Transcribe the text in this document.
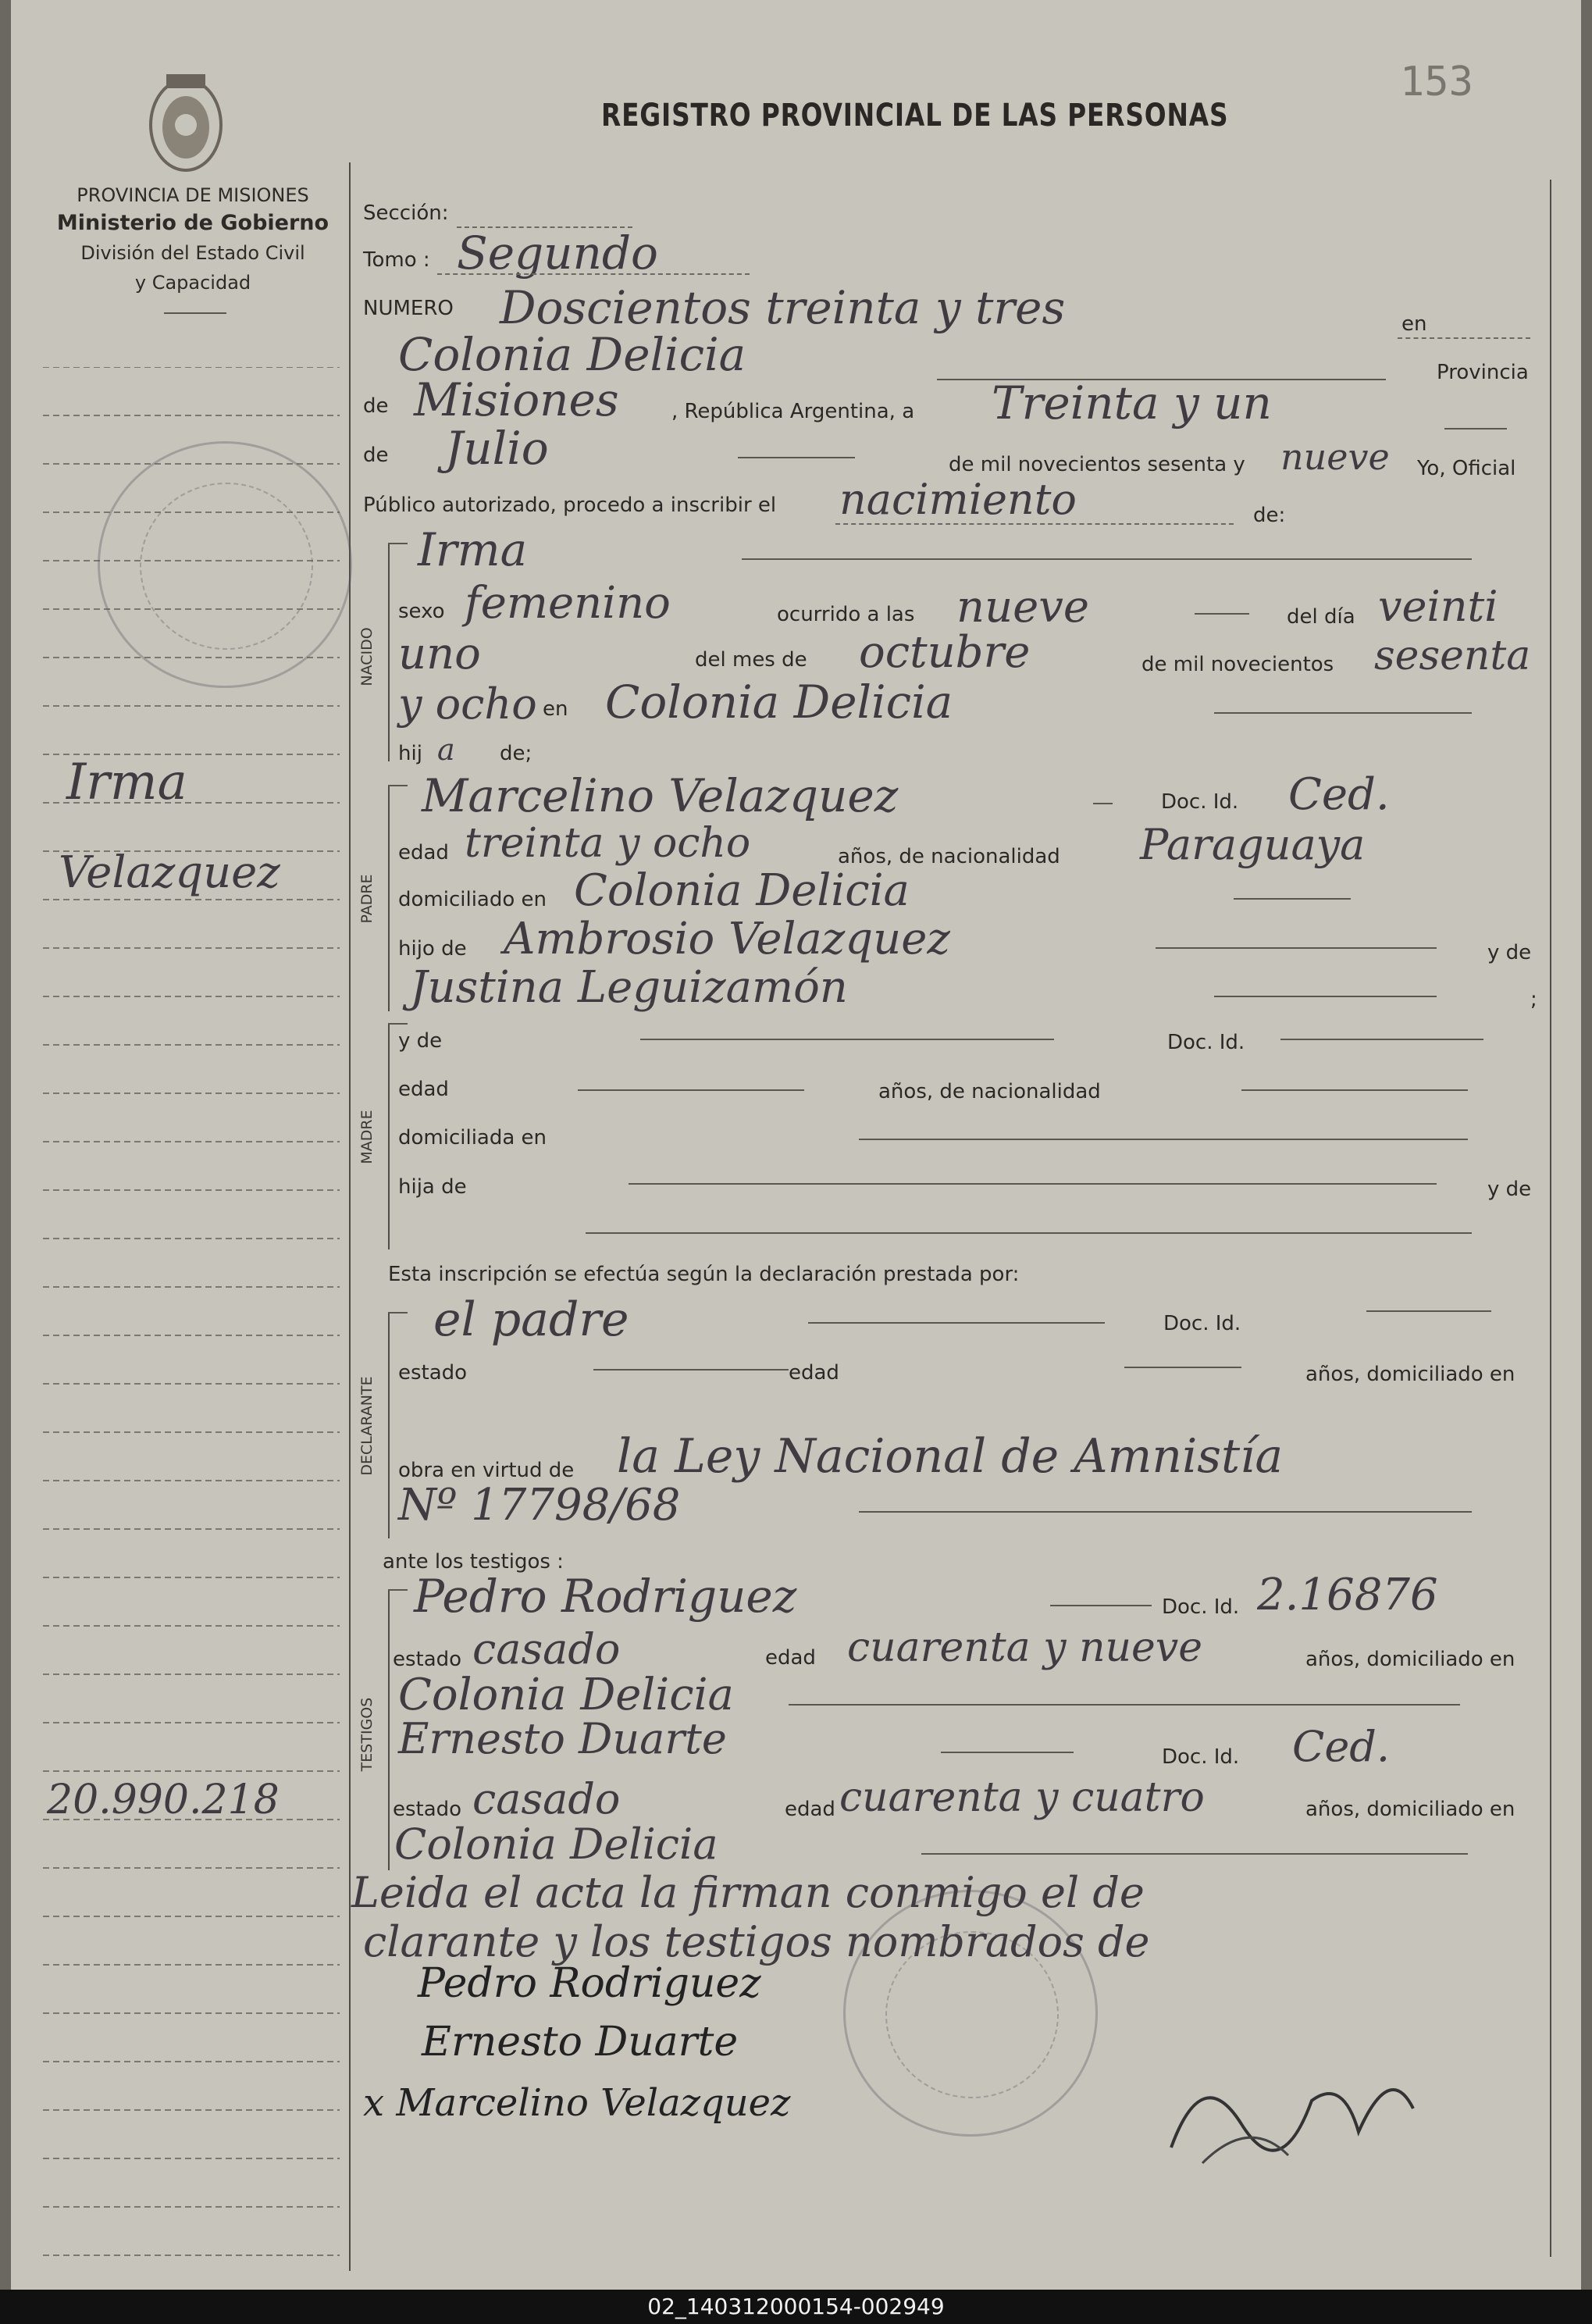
PROVINCIA DE MISIONES
Ministerio de Gobierno
División del Estado Civil
y Capacidad
REGISTRO PROVINCIAL DE LAS PERSONAS
153
Irma
Velazquez
20.990.218
Sección:
Tomo : Segundo
NUMERO Doscientos treinta y tres	en
Colonia Delicia	Provincia
de Misiones	, República Argentina, a Treinta y un
de Julio	de mil novecientos sesenta y nueve Yo, Oficial
Público autorizado, procedo a inscribir el nacimiento	de:
NACIDO
Irma
sexo femenino	ocurrido a las nueve	del día veinti
uno	del mes de octubre	de mil novecientos sesenta
y ocho en Colonia Delicia
hij a de;
PADRE
Marcelino Velazquez	Doc. Id. Ced.
edad treinta y ocho	años, de nacionalidad Paraguaya
domiciliado en Colonia Delicia
hijo de Ambrosio Velazquez	y de
Justina Leguizamón	;
MADRE
y de	Doc. Id.
edad	años, de nacionalidad
domiciliada en
hija de	y de
Esta inscripción se efectúa según la declaración prestada por:
DECLARANTE
el padre	Doc. Id.
estado	edad	años, domiciliado en
obra en virtud de la Ley Nacional de Amnistía
Nº 17798/68
ante los testigos :
TESTIGOS
Pedro Rodriguez	Doc. Id. 2.16876
estado casado	edad cuarenta y nueve	años, domiciliado en
Colonia Delicia
Ernesto Duarte	Doc. Id. Ced.
estado casado	edad cuarenta y cuatro	años, domiciliado en
Colonia Delicia
Leida el acta la firman conmigo el de
clarante y los testigos nombrados de
Pedro Rodriguez
Ernesto Duarte
x Marcelino Velazquez
02_140312000154-002949
